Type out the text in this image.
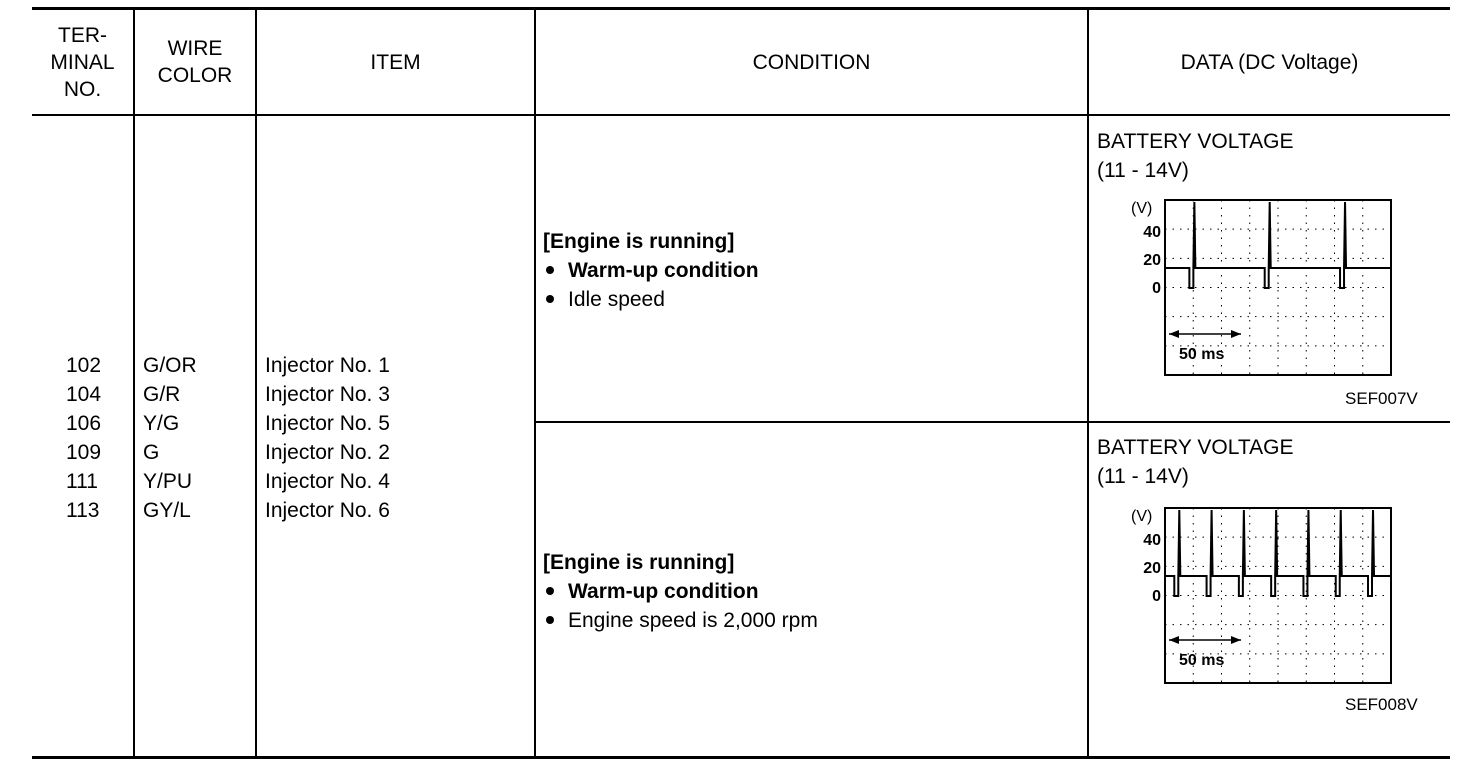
TER-
MINAL
NO.
WIRE
COLOR
ITEM	CONDITION	DATA (DC Voltage)
102
104
106
109
111
113
G/OR
G/R
Y/G
G
Y/PU
GY/L
Injector No. 1
Injector No. 3
Injector No. 5
Injector No. 2
Injector No. 4
Injector No. 6
[Engine is running]
Warm-up condition
Idle speed
[Engine is running]
Warm-up condition
Engine speed is 2,000 rpm
BATTERY VOLTAGE
(11 - 14V)
(V)
40
20
0
50 ms
SEF007V
BATTERY VOLTAGE
(11 - 14V)
(V)
40
20
0
50 ms
SEF008V
